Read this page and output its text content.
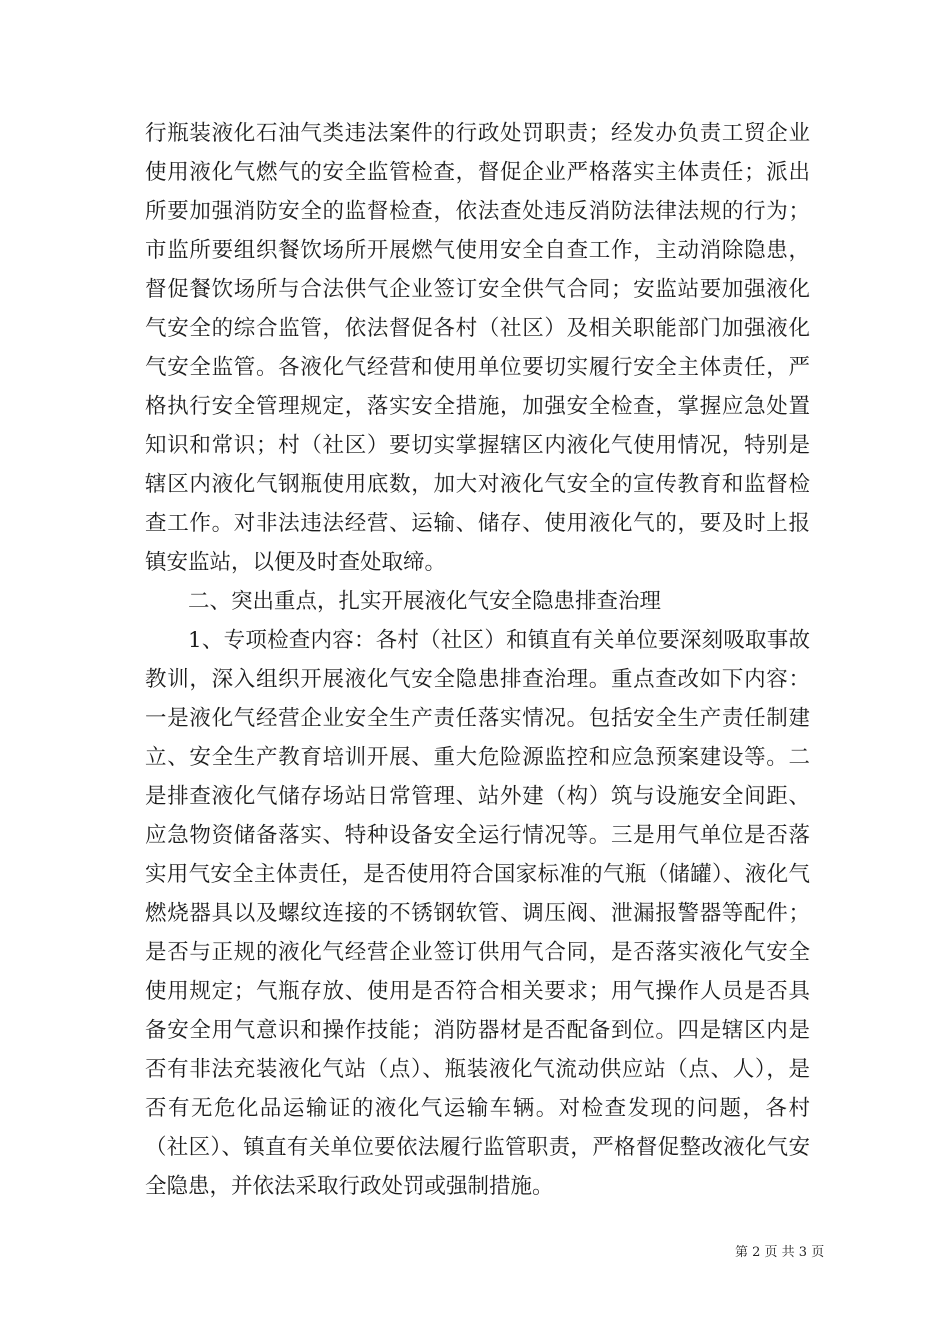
行瓶装液化石油气类违法案件的行政处罚职责；经发办负责工贸企业使用液化气燃气的安全监管检查，督促企业严格落实主体责任；派出所要加强消防安全的监督检查，依法查处违反消防法律法规的行为；市监所要组织餐饮场所开展燃气使用安全自查工作，主动消除隐患，督促餐饮场所与合法供气企业签订安全供气合同；安监站要加强液化气安全的综合监管，依法督促各村（社区）及相关职能部门加强液化气安全监管。各液化气经营和使用单位要切实履行安全主体责任，严格执行安全管理规定，落实安全措施，加强安全检查，掌握应急处置知识和常识；村（社区）要切实掌握辖区内液化气使用情况，特别是辖区内液化气钢瓶使用底数，加大对液化气安全的宣传教育和监督检查工作。对非法违法经营、运输、储存、使用液化气的，要及时上报镇安监站，以便及时查处取缔。

二、突出重点，扎实开展液化气安全隐患排查治理

1、专项检查内容：各村（社区）和镇直有关单位要深刻吸取事故教训，深入组织开展液化气安全隐患排查治理。重点查改如下内容：一是液化气经营企业安全生产责任落实情况。包括安全生产责任制建立、安全生产教育培训开展、重大危险源监控和应急预案建设等。二是排查液化气储存场站日常管理、站外建（构）筑与设施安全间距、应急物资储备落实、特种设备安全运行情况等。三是用气单位是否落实用气安全主体责任，是否使用符合国家标准的气瓶（储罐）、液化气燃烧器具以及螺纹连接的不锈钢软管、调压阀、泄漏报警器等配件；是否与正规的液化气经营企业签订供用气合同，是否落实液化气安全使用规定；气瓶存放、使用是否符合相关要求；用气操作人员是否具备安全用气意识和操作技能；消防器材是否配备到位。四是辖区内是否有非法充装液化气站（点）、瓶装液化气流动供应站（点、人），是否有无危化品运输证的液化气运输车辆。对检查发现的问题，各村（社区）、镇直有关单位要依法履行监管职责，严格督促整改液化气安全隐患，并依法采取行政处罚或强制措施。

第 2 页 共 3 页
